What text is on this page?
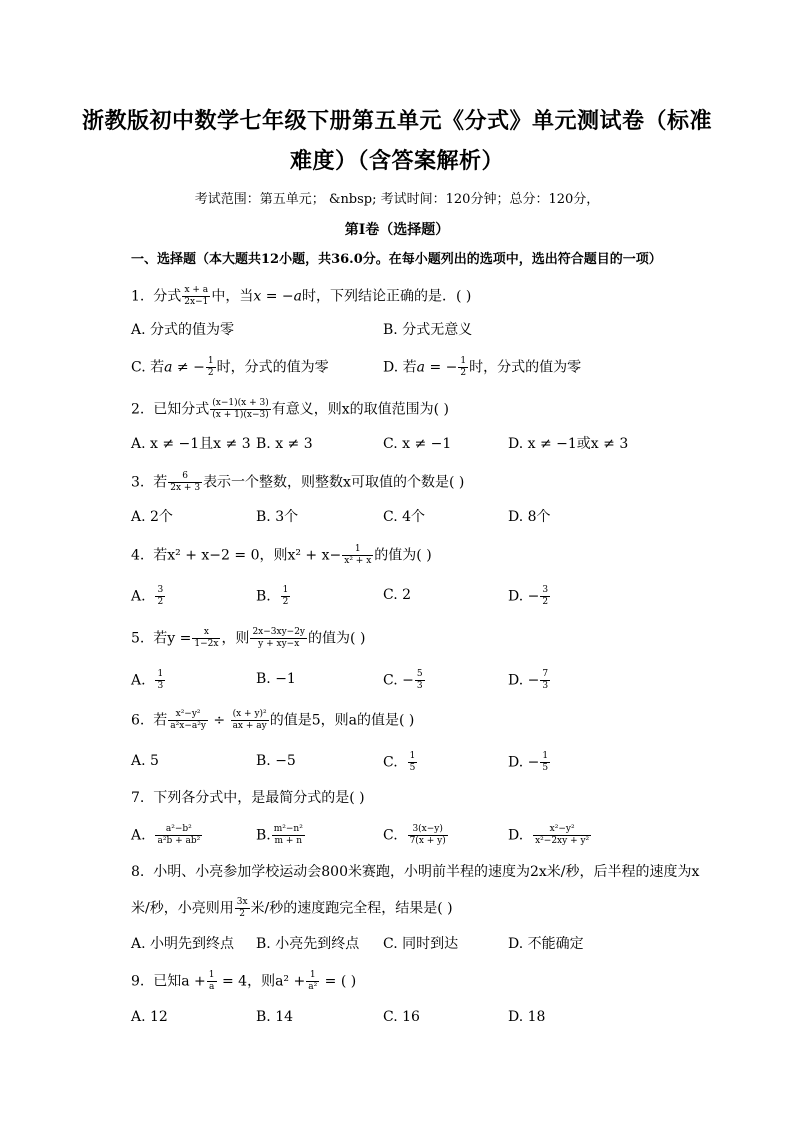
浙教版初中数学七年级下册第五单元《分式》单元测试卷（标准
难度）（含答案解析）
考试范围：第五单元； &nbsp; 考试时间：120分钟；总分：120分，
第I卷（选择题）
一、选择题（本大题共12小题，共36.0分。在每小题列出的选项中，选出符合题目的一项）
1. 分式 $\frac{x + a}{2x-1}$ 中，当x = −a时，下列结论正确的是．( )
A. 分式的值为零	B. 分式无意义
C. 若a ≠ − $\frac{1}{2}$ 时，分式的值为零	D. 若a = − $\frac{1}{2}$ 时，分式的值为零
2. 已知分式 $\frac{(x-1)(x + 3)}{(x + 1)(x-3)}$ 有意义，则x的取值范围为( )
A. x ≠ −1且x ≠ 3 B. x ≠ 3	C. x ≠ −1	D. x ≠ −1或x ≠ 3
3. 若 $\frac{6}{2x + 3}$ 表示一个整数，则整数x可取值的个数是( )
A. 2个	B. 3个	C. 4个	D. 8个
4. 若x² + x−2 = 0，则$x^2 + x- \frac{1}{\text{x² + x}}$ 的值为( )
A. $\frac{3}{2}$	B. $\frac{1}{2}$	C. 2	D. − $\frac{3}{2}$
5. 若$y = \frac{x}{1-2x}$ ，则 $\frac{2x-3xy-2y}{y + xy-x}$ 的值为( )
A. $\frac{1}{3}$	B. −1	C. − $\frac{5}{3}$	D. − $\frac{7}{3}$
6. 若 $\frac{\text{x²−y²}}{\text{a²x−a²y}} \div \frac{\text{(x + y)²}}{ax + ay}$ 的值是5，则a的值是( )
A. 5	B. −5	C. $\frac{1}{5}$	D. − $\frac{1}{5}$
7. 下列各分式中，是最简分式的是( )
A. $\frac{\text{a²−b²}}{\text{a²b + ab²}}$	B. $\frac{\text{m²−n²}}{m + n}$	C. $\frac{3(x-y)}{7(x + y)}$	D. $\frac{\text{x²−y²}}{\text{x²−2xy + y²}}$
8. 小明、小亮参加学校运动会800米赛跑，小明前半程的速度为2x米/秒，后半程的速度为x
米/秒，小亮则用 $\frac{3x}{2}$ 米/秒的速度跑完全程，结果是( )
A. 小明先到终点 B. 小亮先到终点 C. 同时到达	D. 不能确定
9. 已知$a + \frac{1}{a} = 4$，则$a^2 + \frac{1}{\text{a²}}$ = ( )
A. 12	B. 14	C. 16	D. 18
